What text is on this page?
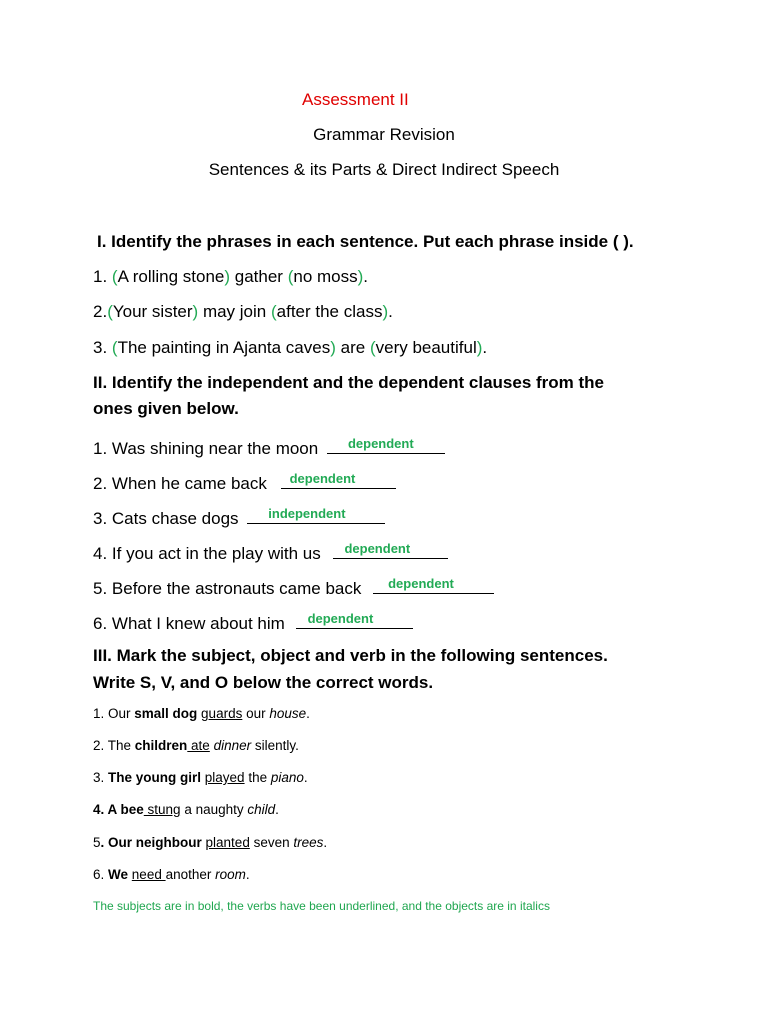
Assessment II
Grammar Revision
Sentences & its Parts & Direct Indirect Speech
I. Identify the phrases in each sentence. Put each phrase inside ( ).
1. (A rolling stone) gather (no moss).
2.(Your sister) may join (after the class).
3. (The painting in Ajanta caves) are (very beautiful).
II. Identify the independent and the dependent clauses from the
ones given below.
1. Was shining near the moon dependent
2. When he came back dependent
3. Cats chase dogs independent
4. If you act in the play with us dependent
5. Before the astronauts came back dependent
6. What I knew about him dependent
III. Mark the subject, object and verb in the following sentences.
Write S, V, and O below the correct words.
1. Our small dog guards our house.
2. The children ate dinner silently.
3. The young girl played the piano.
4. A bee stung a naughty child.
5. Our neighbour planted seven trees.
6. We need another room.
The subjects are in bold, the verbs have been underlined, and the objects are in italics
